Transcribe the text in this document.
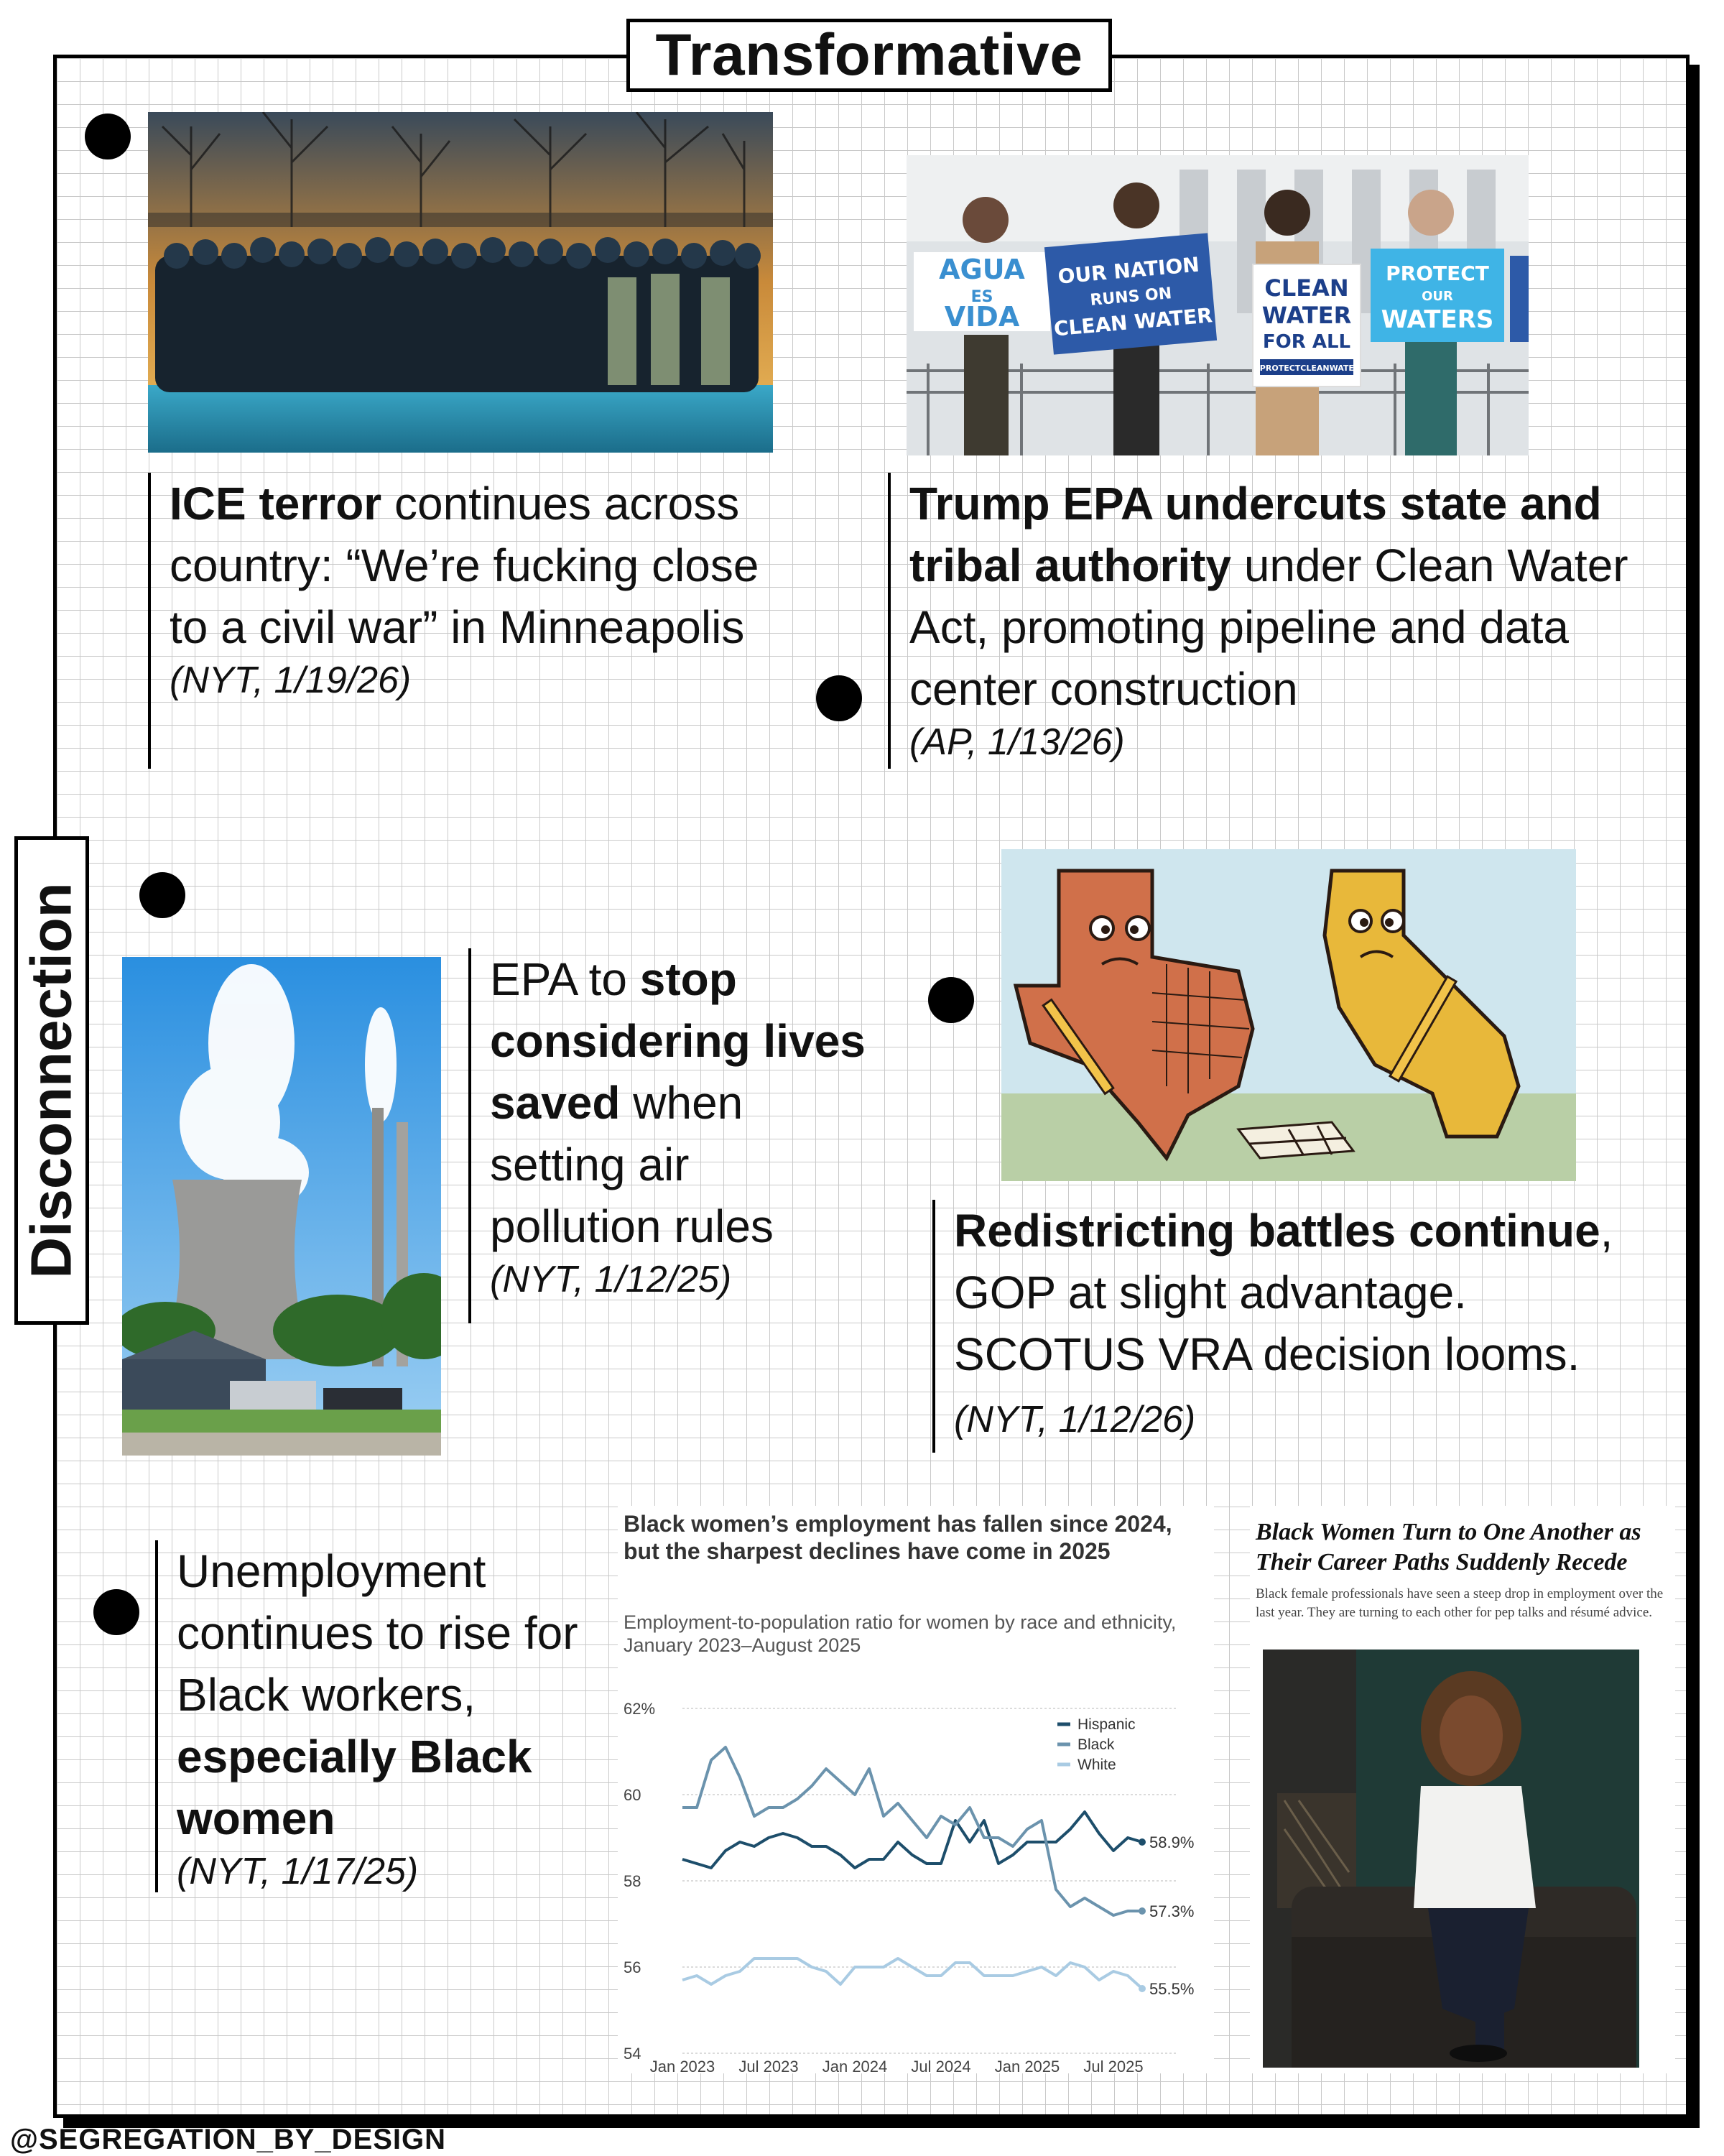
Transformative
Disconnection
AGUA
ES
VIDA
OUR NATION
RUNS ON
CLEAN WATER
CLEAN
WATER
FOR ALL
#PROTECTCLEANWATER
PROTECT
OUR
WATERS
ICE terror continues across country: “We’re fucking close to a civil war” in Minneapolis
(NYT, 1/19/26)
Trump EPA undercuts state and tribal authority under Clean Water Act, promoting pipeline and data center construction
(AP, 1/13/26)
EPA to stop considering lives saved when setting air pollution rules
(NYT, 1/12/25)
Redistricting battles continue, GOP at slight advantage. SCOTUS VRA decision looms. (NYT, 1/12/26)
Unemployment continues to rise for Black workers, especially Black women
(NYT, 1/17/25)
Black women’s employment has fallen since 2024, but the sharpest declines have come in 2025
Employment-to-population ratio for women by race and ethnicity, January 2023–August 2025
62%
60
58
56
54
Jan 2023 Jul 2023 Jan 2024 Jul 2024 Jan 2025 Jul 2025
58.9%
57.3%
55.5%
Hispanic
Black
White
Black Women Turn to One Another as Their Career Paths Suddenly Recede
Black female professionals have seen a steep drop in employment over the last year. They are turning to each other for pep talks and résumé advice.
@SEGREGATION_BY_DESIGN
